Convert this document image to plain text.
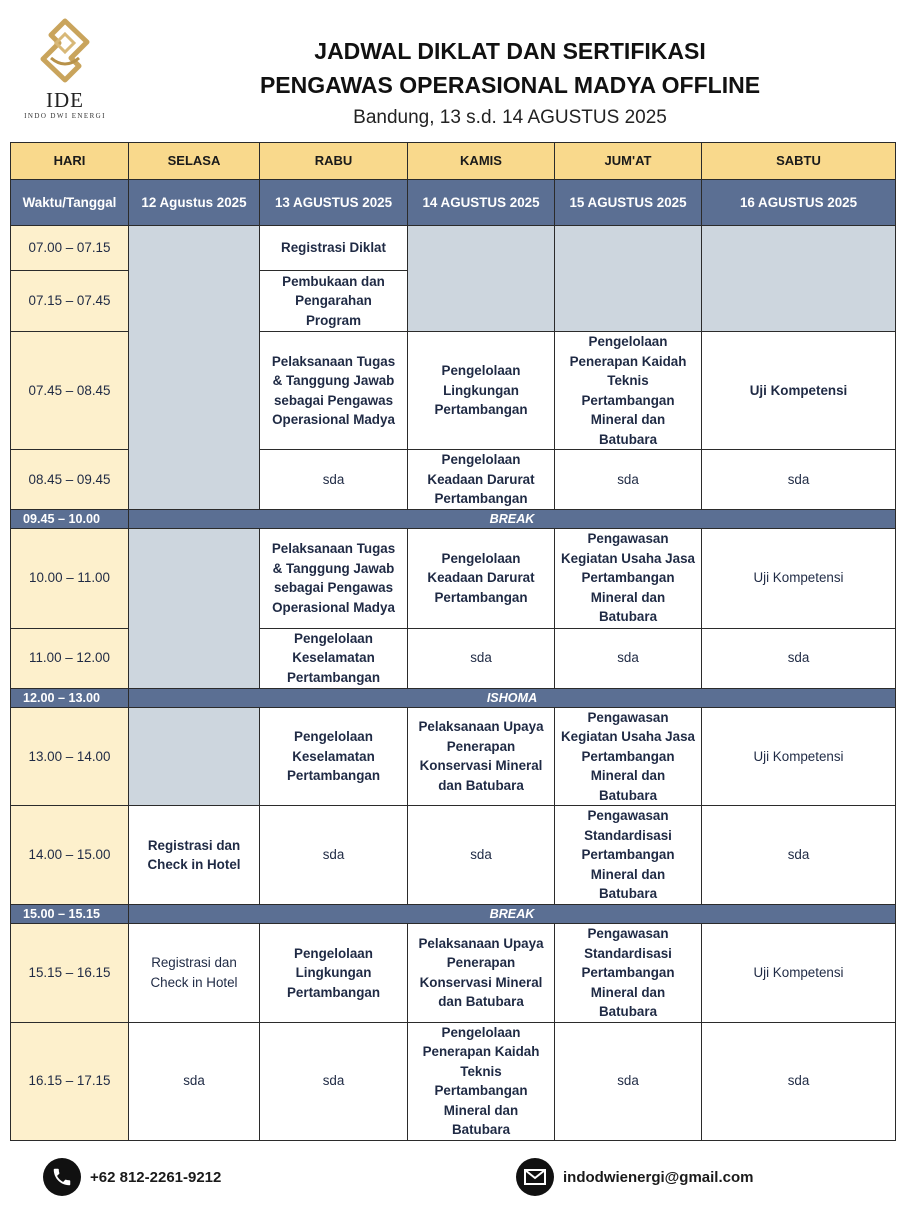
IDE
INDO DWI ENERGI
JADWAL DIKLAT DAN SERTIFIKASI
PENGAWAS OPERASIONAL MADYA OFFLINE
Bandung, 13 s.d. 14 AGUSTUS 2025
HARI	SELASA	RABU	KAMIS	JUM'AT	SABTU
Waktu/Tanggal	12 Agustus 2025	13 AGUSTUS 2025	14 AGUSTUS 2025	15 AGUSTUS 2025	16 AGUSTUS 2025
07.00 – 07.15		Registrasi Diklat			
07.15 – 07.45		Pembukaan dan Pengarahan Program			
07.45 – 08.45		Pelaksanaan Tugas & Tanggung Jawab sebagai Pengawas Operasional Madya	Pengelolaan Lingkungan Pertambangan	Pengelolaan Penerapan Kaidah Teknis Pertambangan Mineral dan Batubara	Uji Kompetensi
08.45 – 09.45		sda	Pengelolaan Keadaan Darurat Pertambangan	sda	sda
09.45 – 10.00	BREAK				
10.00 – 11.00		Pelaksanaan Tugas & Tanggung Jawab sebagai Pengawas Operasional Madya	Pengelolaan Keadaan Darurat Pertambangan	Pengawasan Kegiatan Usaha Jasa Pertambangan Mineral dan Batubara	Uji Kompetensi
11.00 – 12.00		Pengelolaan Keselamatan Pertambangan	sda	sda	sda
12.00 – 13.00	ISHOMA				
13.00 – 14.00		Pengelolaan Keselamatan Pertambangan	Pelaksanaan Upaya Penerapan Konservasi Mineral dan Batubara	Pengawasan Kegiatan Usaha Jasa Pertambangan Mineral dan Batubara	Uji Kompetensi
14.00 – 15.00	Registrasi dan Check in Hotel	sda	sda	Pengawasan Standardisasi Pertambangan Mineral dan Batubara	sda
15.00 – 15.15	BREAK				
15.15 – 16.15	Registrasi dan Check in Hotel	Pengelolaan Lingkungan Pertambangan	Pelaksanaan Upaya Penerapan Konservasi Mineral dan Batubara	Pengawasan Standardisasi Pertambangan Mineral dan Batubara	Uji Kompetensi
16.15 – 17.15	sda	sda	Pengelolaan Penerapan Kaidah Teknis Pertambangan Mineral dan Batubara	sda	sda
+62 812-2261-9212	indodwienergi@gmail.com
